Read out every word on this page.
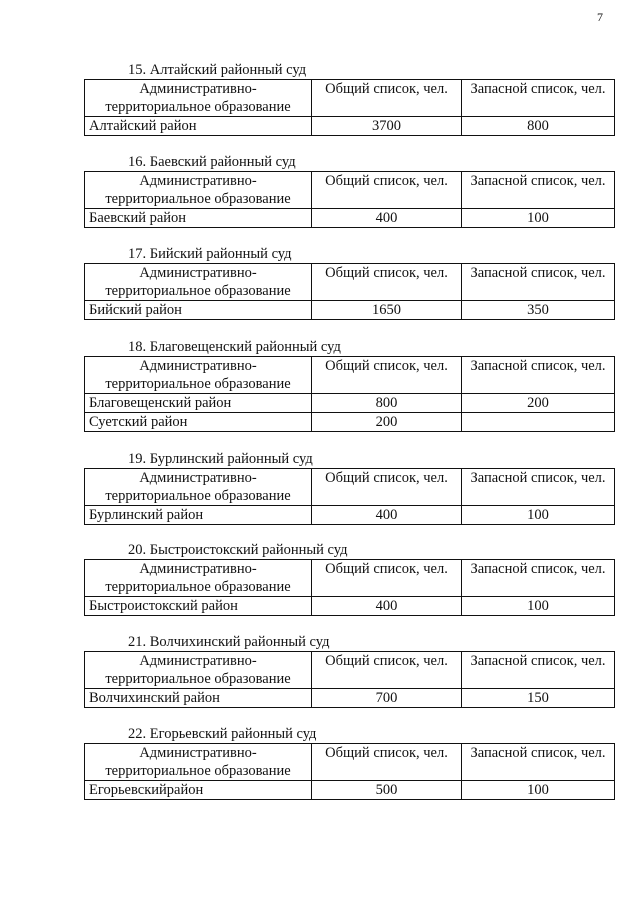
7
15. Алтайский районный суд
Административно-
территориальное образование	Общий список, чел.	Запасной список, чел.
Алтайский район	3700	800
16. Баевский районный суд
Административно-
территориальное образование	Общий список, чел.	Запасной список, чел.
Баевский район	400	100
17. Бийский районный суд
Административно-
территориальное образование	Общий список, чел.	Запасной список, чел.
Бийский район	1650	350
18. Благовещенский районный суд
Административно-
территориальное образование	Общий список, чел.	Запасной список, чел.
Благовещенский район	800	200
Суетский район	200	
19. Бурлинский районный суд
Административно-
территориальное образование	Общий список, чел.	Запасной список, чел.
Бурлинский район	400	100
20. Быстроистокский районный суд
Административно-
территориальное образование	Общий список, чел.	Запасной список, чел.
Быстроистокский район	400	100
21. Волчихинский районный суд
Административно-
территориальное образование	Общий список, чел.	Запасной список, чел.
Волчихинский район	700	150
22. Егорьевский районный суд
Административно-
территориальное образование	Общий список, чел.	Запасной список, чел.
Егорьевскийрайон	500	100
